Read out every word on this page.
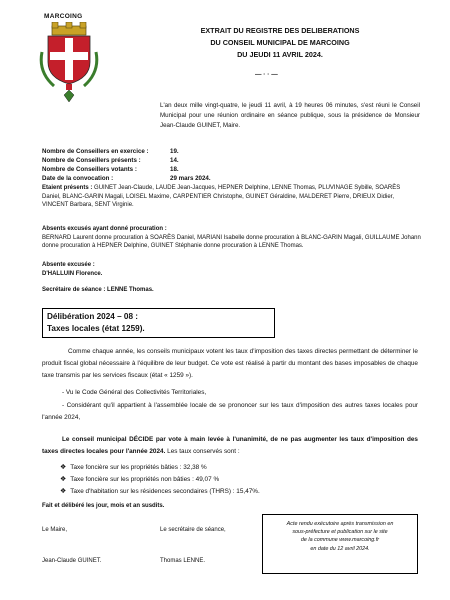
MARCOING
EXTRAIT DU REGISTRE DES DELIBERATIONS
DU CONSEIL MUNICIPAL DE MARCOING
DU JEUDI 11 AVRIL 2024.
— · · —
L'an deux mille vingt-quatre, le jeudi 11 avril, à 19 heures 06 minutes, s'est réuni le Conseil Municipal pour une réunion ordinaire en séance publique, sous la présidence de Monsieur Jean-Claude GUINET, Maire.
Nombre de Conseillers en exercice :	19.
Nombre de Conseillers présents :	14.
Nombre de Conseillers votants :	18.
Date de la convocation :	29 mars 2024.
Etaient présents : GUINET Jean-Claude, LAUDE Jean-Jacques, HEPNER Delphine, LENNE Thomas, PLUVINAGE Sybille, SOARÈS Daniel, BLANC-GARIN Magali, LOISEL Maxime, CARPENTIER Christophe, GUINET Géraldine, MALDERET Pierre, DRIEUX Didier, VINCENT Barbara, SENT Virginie.
Absents excusés ayant donné procuration :
BERNARD Laurent donne procuration à SOARÈS Daniel, MARIANI Isabelle donne procuration à BLANC-GARIN Magali, GUILLAUME Johann donne procuration à HEPNER Delphine, GUINET Stéphanie donne procuration à LENNE Thomas.
Absente excusée :
D'HALLUIN Florence.
Secrétaire de séance : LENNE Thomas.
Délibération 2024 – 08 :
Taxes locales (état 1259).
Comme chaque année, les conseils municipaux votent les taux d'imposition des taxes directes permettant de déterminer le produit fiscal global nécessaire à l'équilibre de leur budget. Ce vote est réalisé à partir du montant des bases imposables de chaque taxe transmis par les services fiscaux (état « 1259 »).
- Vu le Code Général des Collectivités Territoriales,
- Considérant qu'il appartient à l'assemblée locale de se prononcer sur les taux d'imposition des autres taxes locales pour l'année 2024,
Le conseil municipal DÉCIDE par vote à main levée à l'unanimité, de ne pas augmenter les taux d'imposition des taxes directes locales pour l'année 2024. Les taux conservés sont :
❖ Taxe foncière sur les propriétés bâties : 32,38 %
❖ Taxe foncière sur les propriétés non bâties : 49,07 %
❖ Taxe d'habitation sur les résidences secondaires (THRS) : 15,47%.
Fait et délibéré les jour, mois et an susdits.
Le Maire,
Jean-Claude GUINET.
Le secrétaire de séance,
Thomas LENNE.
Acte rendu exécutoire après transmission en
sous-préfecture et publication sur le site
de la commune www.marcoing.fr
en date du 12 avril 2024.
